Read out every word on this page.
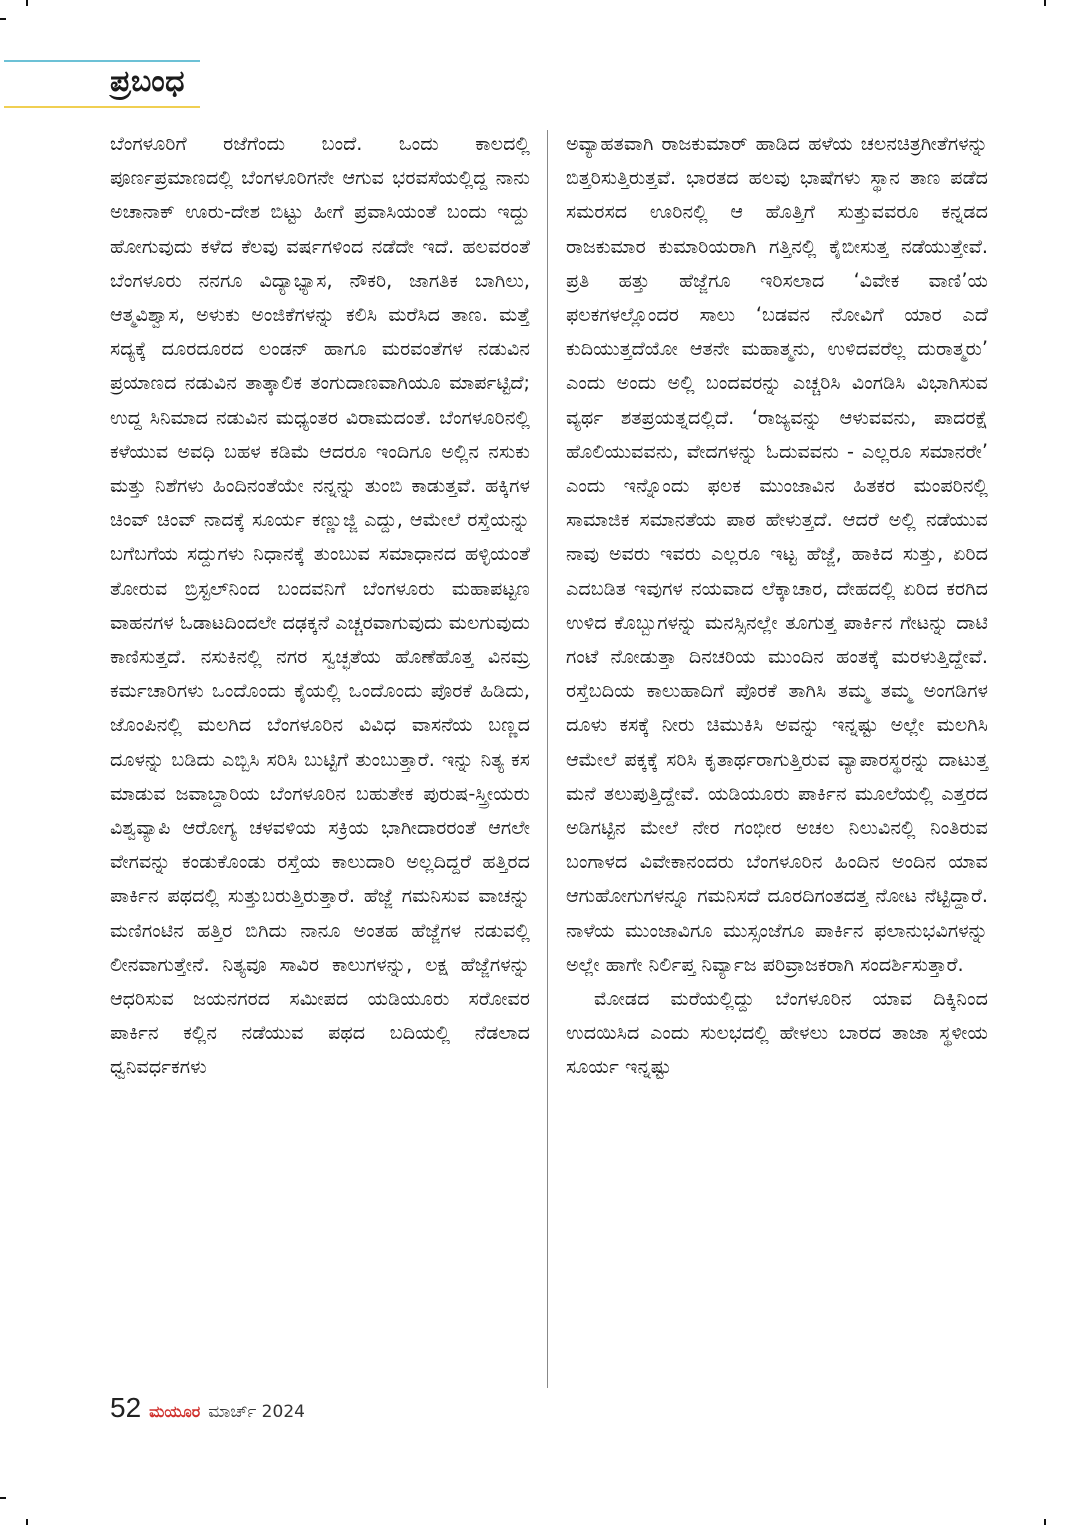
ಪ್ರಬಂಧ

ಬೆಂಗಳೂರಿಗೆ ರಜೆಗೆಂದು ಬಂದೆ. ಒಂದು ಕಾಲದಲ್ಲಿ ಪೂರ್ಣಪ್ರಮಾಣದಲ್ಲಿ ಬೆಂಗಳೂರಿಗನೇ ಆಗುವ ಭರವಸೆಯಲ್ಲಿದ್ದ ನಾನು ಅಚಾನಾಕ್ ಊರು-ದೇಶ ಬಿಟ್ಟು ಹೀಗೆ ಪ್ರವಾಸಿಯಂತೆ ಬಂದು ಇದ್ದು ಹೋಗುವುದು ಕಳೆದ ಕೆಲವು ವರ್ಷಗಳಿಂದ ನಡೆದೇ ಇದೆ. ಹಲವರಂತೆ ಬೆಂಗಳೂರು ನನಗೂ ವಿದ್ಯಾಭ್ಯಾಸ, ನೌಕರಿ, ಜಾಗತಿಕ ಬಾಗಿಲು, ಆತ್ಮವಿಶ್ವಾಸ, ಅಳುಕು ಅಂಜಿಕೆಗಳನ್ನು ಕಲಿಸಿ ಮರೆಸಿದ ತಾಣ. ಮತ್ತೆ ಸದ್ಯಕ್ಕೆ ದೂರದೂರದ ಲಂಡನ್ ಹಾಗೂ ಮರವಂತೆಗಳ ನಡುವಿನ ಪ್ರಯಾಣದ ನಡುವಿನ ತಾತ್ಕಾಲಿಕ ತಂಗುದಾಣವಾಗಿಯೂ ಮಾರ್ಪಟ್ಟಿದೆ; ಉದ್ದ ಸಿನಿಮಾದ ನಡುವಿನ ಮಧ್ಯಂತರ ವಿರಾಮದಂತೆ. ಬೆಂಗಳೂರಿನಲ್ಲಿ ಕಳೆಯುವ ಅವಧಿ ಬಹಳ ಕಡಿಮೆ ಆದರೂ ಇಂದಿಗೂ ಅಲ್ಲಿನ ನಸುಕು ಮತ್ತು ನಿಶೆಗಳು ಹಿಂದಿನಂತೆಯೇ ನನ್ನನ್ನು ತುಂಬಿ ಕಾಡುತ್ತವೆ. ಹಕ್ಕಿಗಳ ಚಿಂವ್ ಚಿಂವ್ ನಾದಕ್ಕೆ ಸೂರ್ಯ ಕಣ್ಣುಜ್ಜಿ ಎದ್ದು, ಆಮೇಲೆ ರಸ್ತೆಯನ್ನು ಬಗೆಬಗೆಯ ಸದ್ದುಗಳು ನಿಧಾನಕ್ಕೆ ತುಂಬುವ ಸಮಾಧಾನದ ಹಳ್ಳಿಯಂತೆ ತೋರುವ ಬ್ರಿಸ್ಟಲ್‌ನಿಂದ ಬಂದವನಿಗೆ ಬೆಂಗಳೂರು ಮಹಾಪಟ್ಟಣ ವಾಹನಗಳ ಓಡಾಟದಿಂದಲೇ ದಢಕ್ಕನೆ ಎಚ್ಚರವಾಗುವುದು ಮಲಗುವುದು ಕಾಣಿಸುತ್ತದೆ. ನಸುಕಿನಲ್ಲಿ ನಗರ ಸ್ವಚ್ಛತೆಯ ಹೊಣೆಹೊತ್ತ ವಿನಮ್ರ ಕರ್ಮಚಾರಿಗಳು ಒಂದೊಂದು ಕೈಯಲ್ಲಿ ಒಂದೊಂದು ಪೊರಕೆ ಹಿಡಿದು, ಜೊಂಪಿನಲ್ಲಿ ಮಲಗಿದ ಬೆಂಗಳೂರಿನ ವಿವಿಧ ವಾಸನೆಯ ಬಣ್ಣದ ದೂಳನ್ನು ಬಡಿದು ಎಬ್ಬಿಸಿ ಸರಿಸಿ ಬುಟ್ಟಿಗೆ ತುಂಬುತ್ತಾರೆ. ಇನ್ನು ನಿತ್ಯ ಕಸ ಮಾಡುವ ಜವಾಬ್ದಾರಿಯ ಬೆಂಗಳೂರಿನ ಬಹುತೇಕ ಪುರುಷ-ಸ್ತ್ರೀಯರು ವಿಶ್ವವ್ಯಾಪಿ ಆರೋಗ್ಯ ಚಳವಳಿಯ ಸಕ್ರಿಯ ಭಾಗೀದಾರರಂತೆ ಆಗಲೇ ವೇಗವನ್ನು ಕಂಡುಕೊಂಡು ರಸ್ತೆಯ ಕಾಲುದಾರಿ ಅಲ್ಲದಿದ್ದರೆ ಹತ್ತಿರದ ಪಾರ್ಕಿನ ಪಥದಲ್ಲಿ ಸುತ್ತುಬರುತ್ತಿರುತ್ತಾರೆ. ಹೆಜ್ಜೆ ಗಮನಿಸುವ ವಾಚನ್ನು ಮಣಿಗಂಟಿನ ಹತ್ತಿರ ಬಿಗಿದು ನಾನೂ ಅಂತಹ ಹೆಜ್ಜೆಗಳ ನಡುವಲ್ಲಿ ಲೀನವಾಗುತ್ತೇನೆ. ನಿತ್ಯವೂ ಸಾವಿರ ಕಾಲುಗಳನ್ನು, ಲಕ್ಷ ಹೆಜ್ಜೆಗಳನ್ನು ಆಧರಿಸುವ ಜಯನಗರದ ಸಮೀಪದ ಯಡಿಯೂರು ಸರೋವರ ಪಾರ್ಕಿನ ಕಲ್ಲಿನ ನಡೆಯುವ ಪಥದ ಬದಿಯಲ್ಲಿ ನೆಡಲಾದ ಧ್ವನಿವರ್ಧಕಗಳು

ಅವ್ಯಾಹತವಾಗಿ ರಾಜಕುಮಾರ್ ಹಾಡಿದ ಹಳೆಯ ಚಲನಚಿತ್ರಗೀತೆಗಳನ್ನು ಬಿತ್ತರಿಸುತ್ತಿರುತ್ತವೆ. ಭಾರತದ ಹಲವು ಭಾಷೆಗಳು ಸ್ಥಾನ ತಾಣ ಪಡೆದ ಸಮರಸದ ಊರಿನಲ್ಲಿ ಆ ಹೊತ್ತಿಗೆ ಸುತ್ತುವವರೂ ಕನ್ನಡದ ರಾಜಕುಮಾರ ಕುಮಾರಿಯರಾಗಿ ಗತ್ತಿನಲ್ಲಿ ಕೈಬೀಸುತ್ತ ನಡೆಯುತ್ತೇವೆ. ಪ್ರತಿ ಹತ್ತು ಹೆಜ್ಜೆಗೂ ಇರಿಸಲಾದ ‘ವಿವೇಕ ವಾಣಿ’ಯ ಫಲಕಗಳಲ್ಲೊಂದರ ಸಾಲು ‘ಬಡವನ ನೋವಿಗೆ ಯಾರ ಎದೆ ಕುದಿಯುತ್ತದೆಯೋ ಆತನೇ ಮಹಾತ್ಮನು, ಉಳಿದವರೆಲ್ಲ ದುರಾತ್ಮರು’ ಎಂದು ಅಂದು ಅಲ್ಲಿ ಬಂದವರನ್ನು ಎಚ್ಚರಿಸಿ ವಿಂಗಡಿಸಿ ವಿಭಾಗಿಸುವ ವ್ಯರ್ಥ ಶತಪ್ರಯತ್ನದಲ್ಲಿದೆ. ‘ರಾಜ್ಯವನ್ನು ಆಳುವವನು, ಪಾದರಕ್ಷೆ ಹೊಲಿಯುವವನು, ವೇದಗಳನ್ನು ಓದುವವನು - ಎಲ್ಲರೂ ಸಮಾನರೇ’ ಎಂದು ಇನ್ನೊಂದು ಫಲಕ ಮುಂಜಾವಿನ ಹಿತಕರ ಮಂಪರಿನಲ್ಲಿ ಸಾಮಾಜಿಕ ಸಮಾನತೆಯ ಪಾಠ ಹೇಳುತ್ತದೆ. ಆದರೆ ಅಲ್ಲಿ ನಡೆಯುವ ನಾವು ಅವರು ಇವರು ಎಲ್ಲರೂ ಇಟ್ಟ ಹೆಜ್ಜೆ, ಹಾಕಿದ ಸುತ್ತು, ಏರಿದ ಎದಬಡಿತ ಇವುಗಳ ನಯವಾದ ಲೆಕ್ಕಾಚಾರ, ದೇಹದಲ್ಲಿ ಏರಿದ ಕರಗಿದ ಉಳಿದ ಕೊಬ್ಬುಗಳನ್ನು ಮನಸ್ಸಿನಲ್ಲೇ ತೂಗುತ್ತ ಪಾರ್ಕಿನ ಗೇಟನ್ನು ದಾಟಿ ಗಂಟೆ ನೋಡುತ್ತಾ ದಿನಚರಿಯ ಮುಂದಿನ ಹಂತಕ್ಕೆ ಮರಳುತ್ತಿದ್ದೇವೆ. ರಸ್ತೆಬದಿಯ ಕಾಲುಹಾದಿಗೆ ಪೊರಕೆ ತಾಗಿಸಿ ತಮ್ಮ ತಮ್ಮ ಅಂಗಡಿಗಳ ದೂಳು ಕಸಕ್ಕೆ ನೀರು ಚಿಮುಕಿಸಿ ಅವನ್ನು ಇನ್ನಷ್ಟು ಅಲ್ಲೇ ಮಲಗಿಸಿ ಆಮೇಲೆ ಪಕ್ಕಕ್ಕೆ ಸರಿಸಿ ಕೃತಾರ್ಥರಾಗುತ್ತಿರುವ ವ್ಯಾಪಾರಸ್ಥರನ್ನು ದಾಟುತ್ತ ಮನೆ ತಲುಪುತ್ತಿದ್ದೇವೆ. ಯಡಿಯೂರು ಪಾರ್ಕಿನ ಮೂಲೆಯಲ್ಲಿ ಎತ್ತರದ ಅಡಿಗಟ್ಟಿನ ಮೇಲೆ ನೇರ ಗಂಭೀರ ಅಚಲ ನಿಲುವಿನಲ್ಲಿ ನಿಂತಿರುವ ಬಂಗಾಳದ ವಿವೇಕಾನಂದರು ಬೆಂಗಳೂರಿನ ಹಿಂದಿನ ಅಂದಿನ ಯಾವ ಆಗುಹೋಗುಗಳನ್ನೂ ಗಮನಿಸದೆ ದೂರದಿಗಂತದತ್ತ ನೋಟ ನೆಟ್ಟಿದ್ದಾರೆ. ನಾಳೆಯ ಮುಂಜಾವಿಗೂ ಮುಸ್ಸಂಜೆಗೂ ಪಾರ್ಕಿನ ಫಲಾನುಭವಿಗಳನ್ನು ಅಲ್ಲೇ ಹಾಗೇ ನಿರ್ಲಿಪ್ತ ನಿರ್ವ್ಯಾಜ ಪರಿವ್ರಾಜಕರಾಗಿ ಸಂದರ್ಶಿಸುತ್ತಾರೆ.

ಮೋಡದ ಮರೆಯಲ್ಲಿದ್ದು ಬೆಂಗಳೂರಿನ ಯಾವ ದಿಕ್ಕಿನಿಂದ ಉದಯಿಸಿದ ಎಂದು ಸುಲಭದಲ್ಲಿ ಹೇಳಲು ಬಾರದ ತಾಜಾ ಸ್ಥಳೀಯ ಸೂರ್ಯ ಇನ್ನಷ್ಟು

52 ಮಯೂರ ಮಾರ್ಚ್ 2024
